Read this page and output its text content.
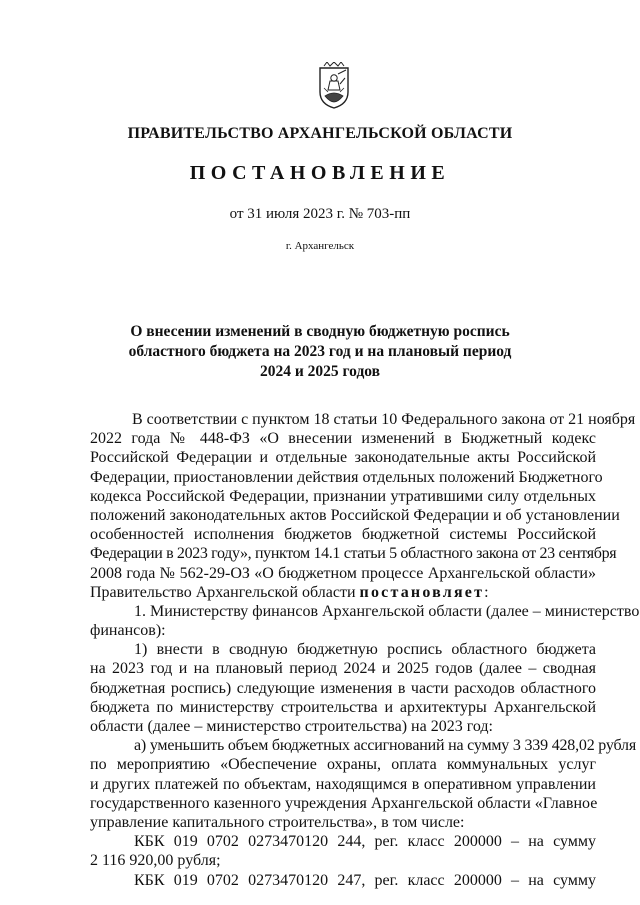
ПРАВИТЕЛЬСТВО АРХАНГЕЛЬСКОЙ ОБЛАСТИ
ПОСТАНОВЛЕНИЕ
от 31 июля 2023 г. № 703-пп
г. Архангельск
О внесении изменений в сводную бюджетную роспись
областного бюджета на 2023 год и на плановый период
2024 и 2025 годов
В соответствии с пунктом 18 статьи 10 Федерального закона от 21 ноября
2022 года № 448-ФЗ «О внесении изменений в Бюджетный кодекс
Российской Федерации и отдельные законодательные акты Российской
Федерации, приостановлении действия отдельных положений Бюджетного
кодекса Российской Федерации, признании утратившими силу отдельных
положений законодательных актов Российской Федерации и об установлении
особенностей исполнения бюджетов бюджетной системы Российской
Федерации в 2023 году», пунктом 14.1 статьи 5 областного закона от 23 сентября
2008 года № 562-29-ОЗ «О бюджетном процессе Архангельской области»
Правительство Архангельской области постановляет:
1. Министерству финансов Архангельской области (далее – министерство
финансов):
1) внести в сводную бюджетную роспись областного бюджета
на 2023 год и на плановый период 2024 и 2025 годов (далее – сводная
бюджетная роспись) следующие изменения в части расходов областного
бюджета по министерству строительства и архитектуры Архангельской
области (далее – министерство строительства) на 2023 год:
а) уменьшить объем бюджетных ассигнований на сумму 3 339 428,02 рубля
по мероприятию «Обеспечение охраны, оплата коммунальных услуг
и других платежей по объектам, находящимся в оперативном управлении
государственного казенного учреждения Архангельской области «Главное
управление капитального строительства», в том числе:
КБК 019 0702 0273470120 244, рег. класс 200000 – на сумму
2 116 920,00 рубля;
КБК 019 0702 0273470120 247, рег. класс 200000 – на сумму
